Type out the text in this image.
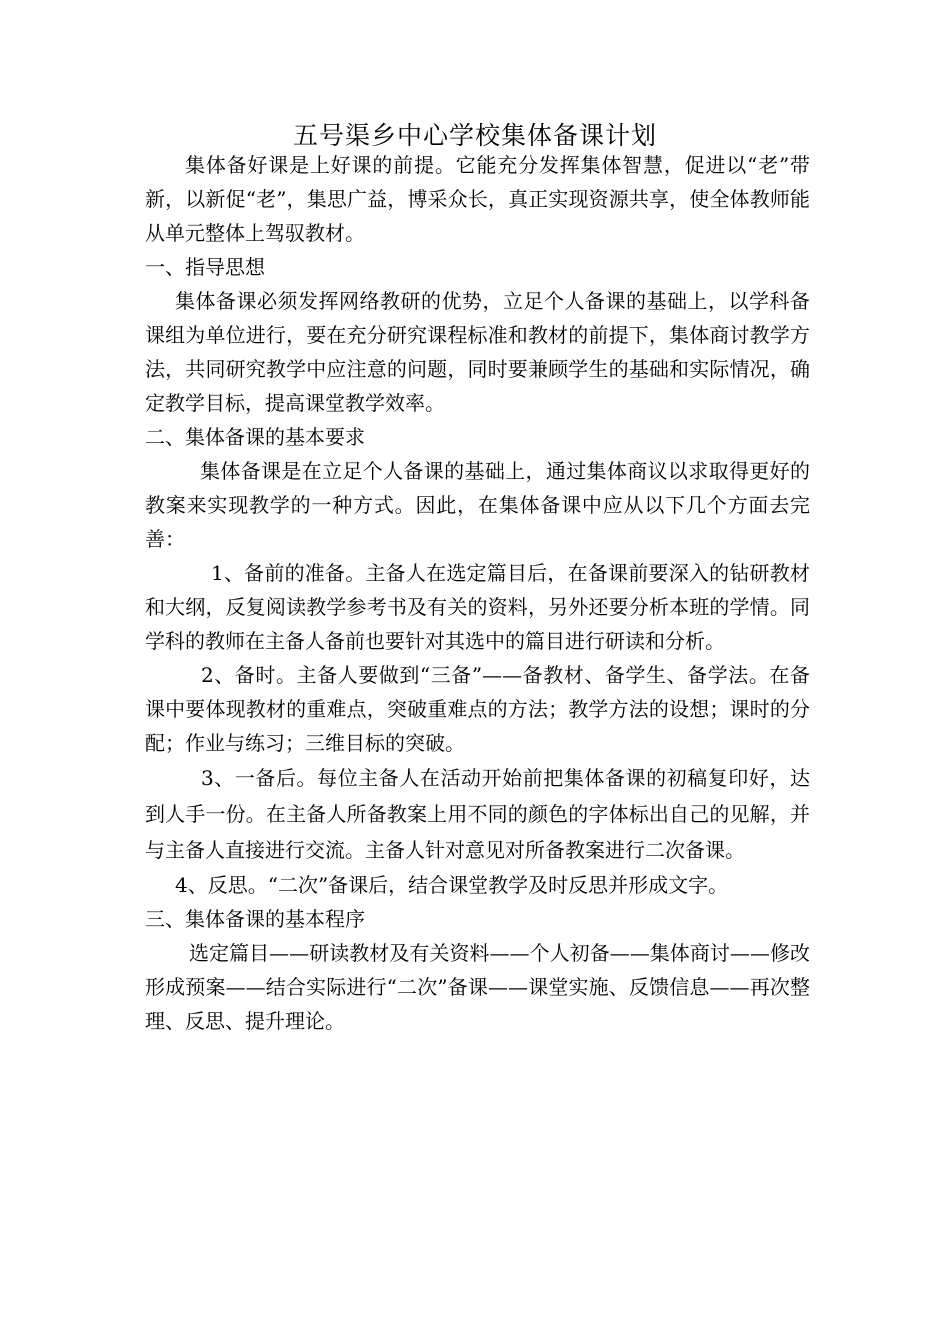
五号渠乡中心学校集体备课计划

集体备好课是上好课的前提。它能充分发挥集体智慧，促进以“老”带新，以新促“老”，集思广益，博采众长，真正实现资源共享，使全体教师能从单元整体上驾驭教材。

一、指导思想

集体备课必须发挥网络教研的优势，立足个人备课的基础上，以学科备课组为单位进行，要在充分研究课程标准和教材的前提下，集体商讨教学方法，共同研究教学中应注意的问题，同时要兼顾学生的基础和实际情况，确定教学目标，提高课堂教学效率。

二、集体备课的基本要求

集体备课是在立足个人备课的基础上，通过集体商议以求取得更好的教案来实现教学的一种方式。因此，在集体备课中应从以下几个方面去完善：

1、备前的准备。主备人在选定篇目后，在备课前要深入的钻研教材和大纲，反复阅读教学参考书及有关的资料，另外还要分析本班的学情。同学科的教师在主备人备前也要针对其选中的篇目进行研读和分析。

2、备时。主备人要做到“三备”——备教材、备学生、备学法。在备课中要体现教材的重难点，突破重难点的方法；教学方法的设想；课时的分配；作业与练习；三维目标的突破。

3、一备后。每位主备人在活动开始前把集体备课的初稿复印好，达到人手一份。在主备人所备教案上用不同的颜色的字体标出自己的见解，并与主备人直接进行交流。主备人针对意见对所备教案进行二次备课。

4、反思。“二次”备课后，结合课堂教学及时反思并形成文字。

三、集体备课的基本程序

选定篇目——研读教材及有关资料——个人初备——集体商讨——修改形成预案——结合实际进行“二次”备课——课堂实施、反馈信息——再次整理、反思、提升理论。
